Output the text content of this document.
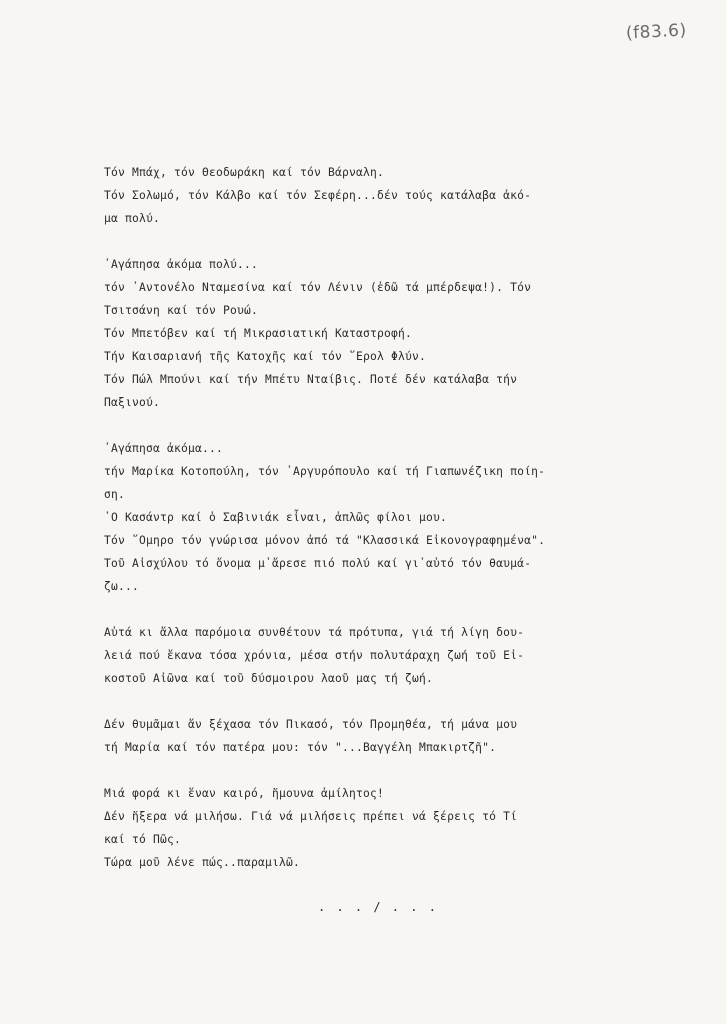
(f83.6)
Τόν Μπάχ, τόν Θεοδωράκη καί τόν Βάρναλη.
Τόν Σολωμό, τόν Κάλβο καί τόν Σεφέρη...δέν τούς κατάλαβα ἀκό-
μα πολύ.
᾿Αγάπησα ἀκόμα πολύ...
τόν ᾿Αντονέλο Νταμεσίνα καί τόν Λένιν (ἐδῶ τά μπέρδεψα!). Τόν
Τσιτσάνη καί τόν Ρουώ.
Τόν Μπετόβεν καί τή Μικρασιατική Καταστροφή.
Τήν Καισαριανή τῆς Κατοχῆς καί τόν ῞Ερολ Φλύν.
Τόν Πώλ Μπούνι καί τήν Μπέτυ Νταίβις. Ποτέ δέν κατάλαβα τήν
Παξινού.
᾿Αγάπησα ἀκόμα...
τήν Μαρίκα Κοτοπούλη, τόν ᾿Αργυρόπουλο καί τή Γιαπωνέζικη ποίη-
ση.
῾Ο Κασάντρ καί ὁ Σαβινιάκ εἶναι, ἁπλῶς φίλοι μου.
Τόν ῞Ομηρο τόν γνώρισα μόνον ἀπό τά "Κλασσικά Εἰκονογραφημένα".
Τοῦ Αἰσχύλου τό ὄνομα μ᾿ἄρεσε πιό πολύ καί γι᾿αὐτό τόν θαυμά-
ζω...
Αὐτά κι ἄλλα παρόμοια συνθέτουν τά πρότυπα, γιά τή λίγη δου-
λειά πού ἔκανα τόσα χρόνια, μέσα στήν πολυτάραχη ζωή τοῦ Εἰ-
κοστοῦ Αἰῶνα καί τοῦ δύσμοιρου λαοῦ μας τή ζωή.
Δέν θυμᾶμαι ἄν ξέχασα τόν Πικασό, τόν Προμηθέα, τή μάνα μου
τή Μαρία καί τόν πατέρα μου: τόν "...Βαγγέλη Μπακιρτζῆ".
Μιά φορά κι ἕναν καιρό, ἤμουνα ἀμίλητος!
Δέν ἤξερα νά μιλήσω. Γιά νά μιλήσεις πρέπει νά ξέρεις τό Τί
καί τό Πῶς.
Τώρα μοῦ λένε πώς..παραμιλῶ.
. . . / . . .
